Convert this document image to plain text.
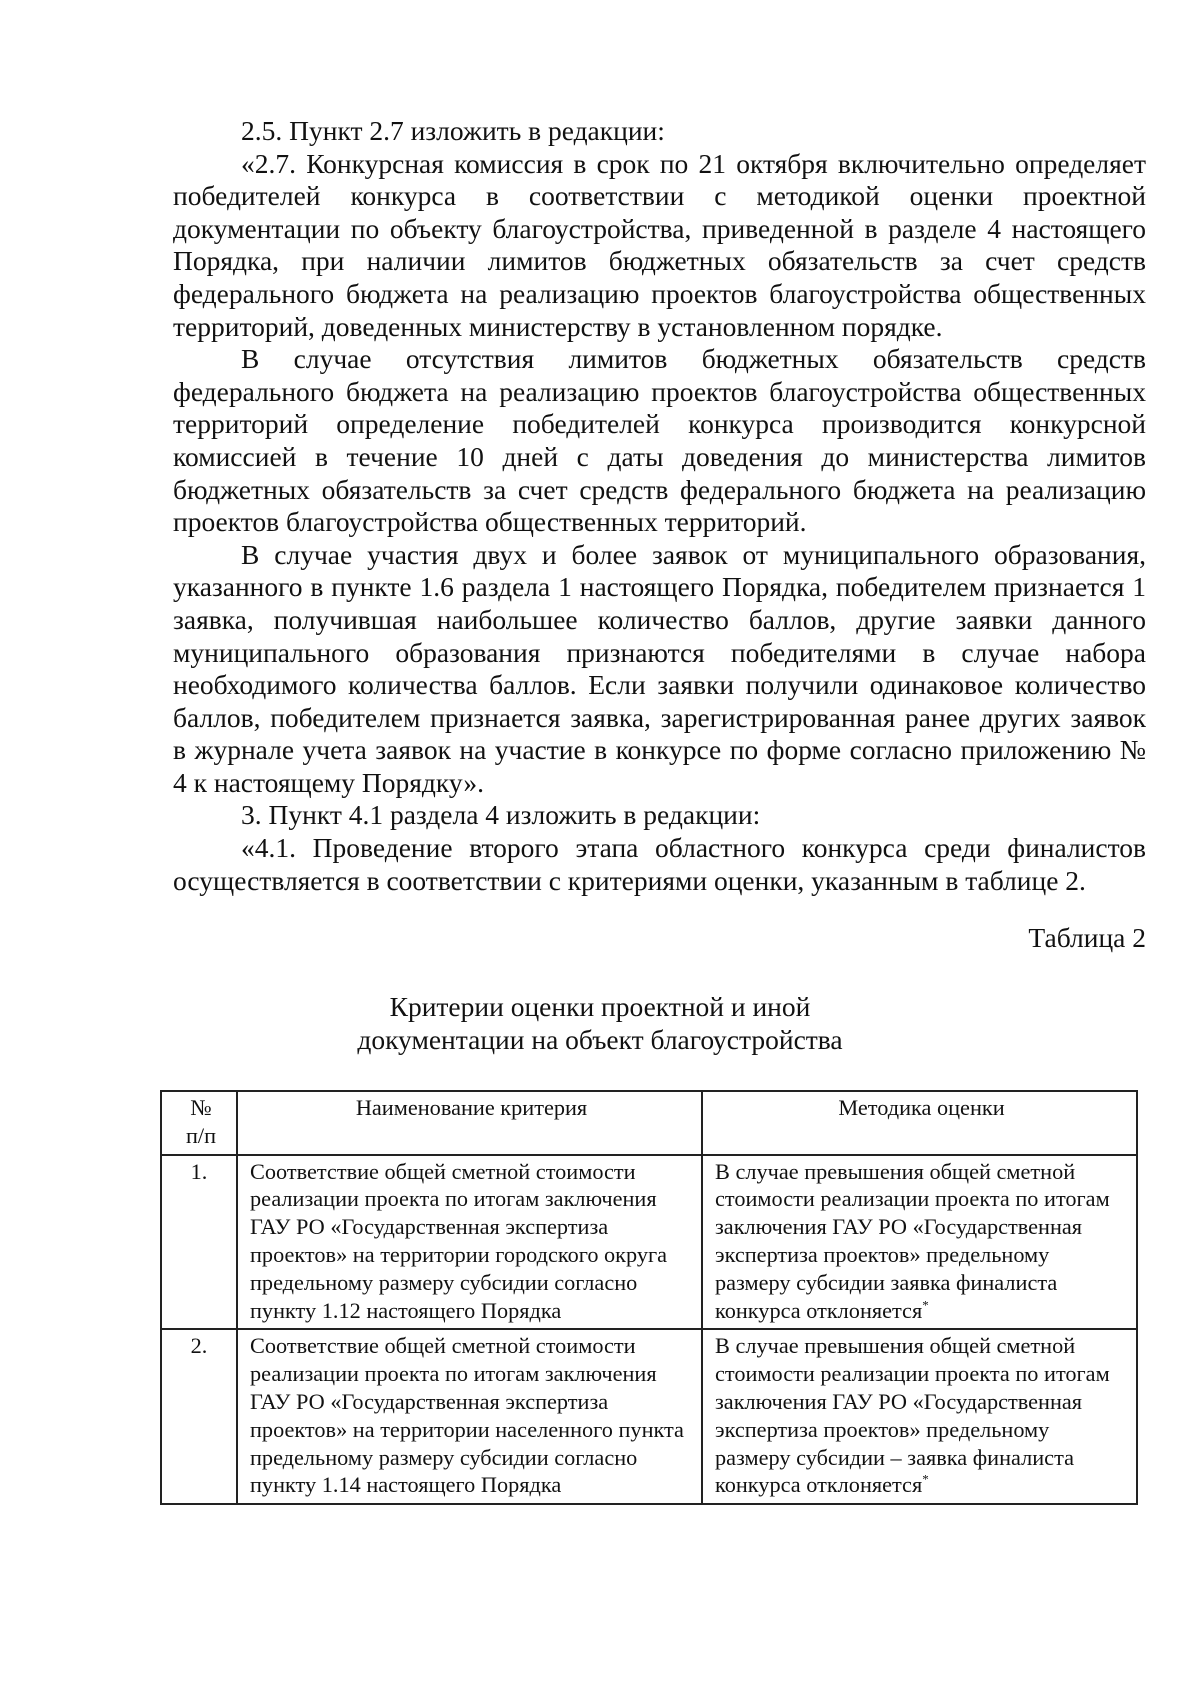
2.5. Пункт 2.7 изложить в редакции:

«2.7. Конкурсная комиссия в срок по 21 октября включительно определяет победителей конкурса в соответствии с методикой оценки проектной документации по объекту благоустройства, приведенной в разделе 4 настоящего Порядка, при наличии лимитов бюджетных обязательств за счет средств федерального бюджета на реализацию проектов благоустройства общественных территорий, доведенных министерству в установленном порядке.

В случае отсутствия лимитов бюджетных обязательств средств федерального бюджета на реализацию проектов благоустройства общественных территорий определение победителей конкурса производится конкурсной комиссией в течение 10 дней с даты доведения до министерства лимитов бюджетных обязательств за счет средств федерального бюджета на реализацию проектов благоустройства общественных территорий.

В случае участия двух и более заявок от муниципального образования, указанного в пункте 1.6 раздела 1 настоящего Порядка, победителем признается 1 заявка, получившая наибольшее количество баллов, другие заявки данного муниципального образования признаются победителями в случае набора необходимого количества баллов. Если заявки получили одинаковое количество баллов, победителем признается заявка, зарегистрированная ранее других заявок в журнале учета заявок на участие в конкурсе по форме согласно приложению № 4 к настоящему Порядку».

3. Пункт 4.1 раздела 4 изложить в редакции:

«4.1. Проведение второго этапа областного конкурса среди финалистов осуществляется в соответствии с критериями оценки, указанным в таблице 2.

Таблица 2

Критерии оценки проектной и иной
документации на объект благоустройства
№
п/п	Наименование критерия	Методика оценки
1.	Соответствие общей сметной стоимости реализации проекта по итогам заключения ГАУ РО «Государственная экспертиза проектов» на территории городского округа предельному размеру субсидии согласно пункту 1.12 настоящего Порядка	В случае превышения общей сметной стоимости реализации проекта по итогам заключения ГАУ РО «Государственная экспертиза проектов» предельному размеру субсидии заявка финалиста конкурса отклоняется*
2.	Соответствие общей сметной стоимости реализации проекта по итогам заключения ГАУ РО «Государственная экспертиза проектов» на территории населенного пункта предельному размеру субсидии согласно пункту 1.14 настоящего Порядка	В случае превышения общей сметной стоимости реализации проекта по итогам заключения ГАУ РО «Государственная экспертиза проектов» предельному размеру субсидии – заявка финалиста конкурса отклоняется*
